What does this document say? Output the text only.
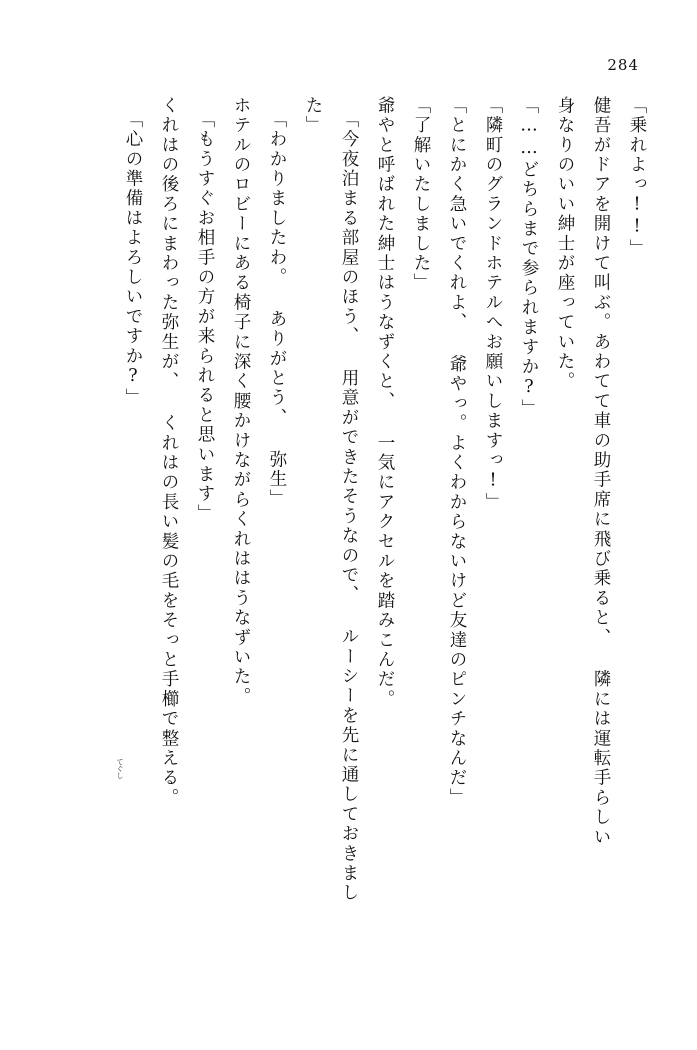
284
「乗れよっ!!」
健吾がドアを開けて叫ぶ。あわてて車の助手席に飛び乗ると、 隣には運転手らしい
身なりのいい紳士が座っていた。
「……どちらまで参られますか?」
「隣町のグランドホテルへお願いしますっ!」
「とにかく急いでくれよ、 爺やっ。よくわからないけど友達のピンチなんだ」
「了解いたしました」
爺やと呼ばれた紳士はうなずくと、 一気にアクセルを踏みこんだ。
「今夜泊まる部屋のほう、 用意ができたそうなので、 ルーシーを先に通しておきまし
た」
「わかりましたわ。 ありがとう、 弥生」
ホテルのロビーにある椅子に深く腰かけながらくれははうなずいた。
「もうすぐお相手の方が来られると思います」
くれはの後ろにまわった弥生が、 くれはの長い髪の毛をそっと手櫛で整える。
「心の準備はよろしいですか?」
てぐし
